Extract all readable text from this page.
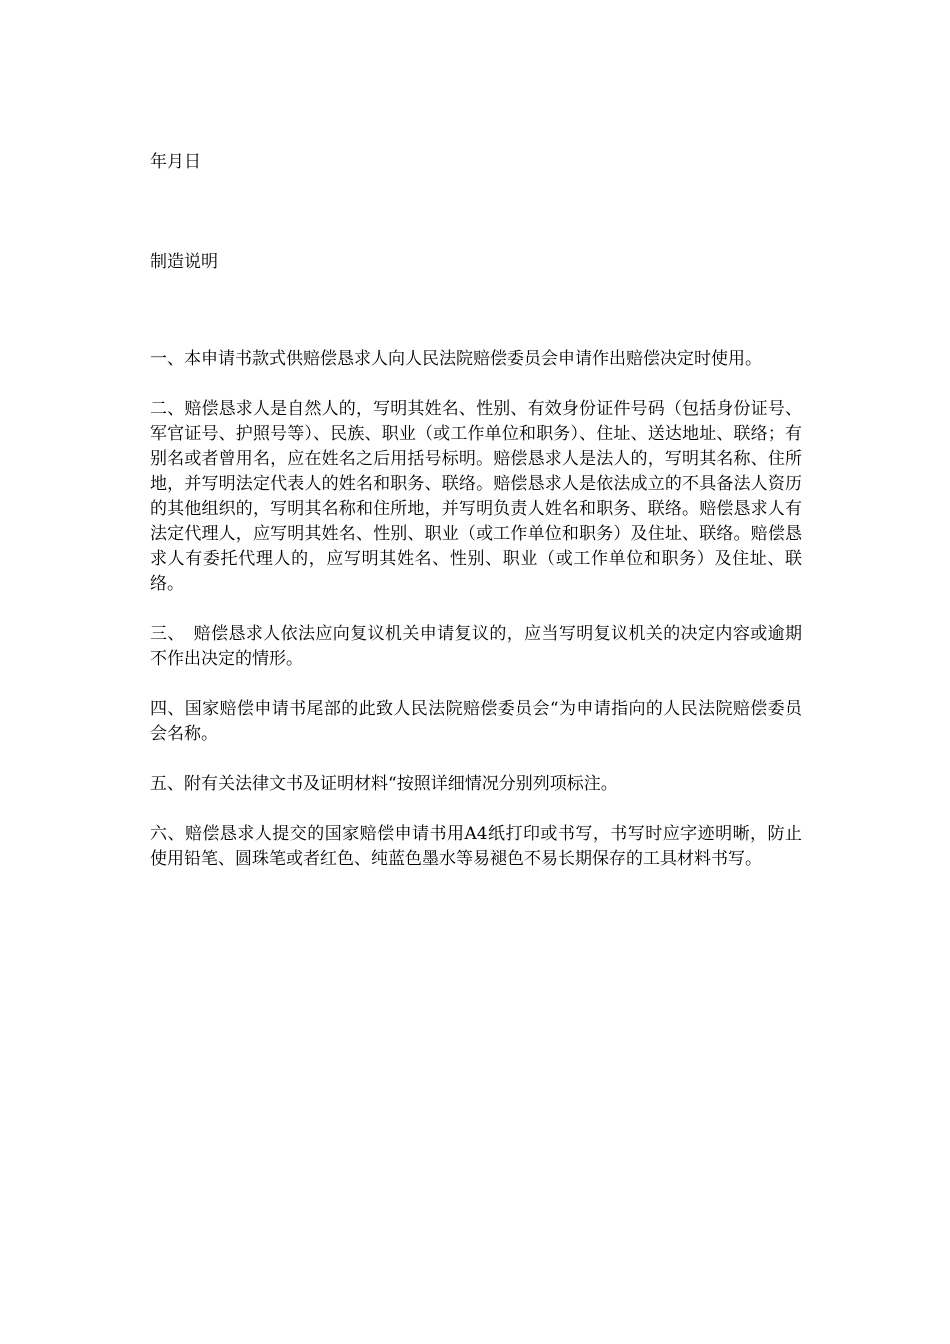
年月日
制造说明

一、本申请书款式供赔偿恳求人向人民法院赔偿委员会申请作出赔偿决定时使用。

二、赔偿恳求人是自然人的，写明其姓名、性别、有效身份证件号码（包括身份证号、军官证号、护照号等）、民族、职业（或工作单位和职务）、住址、送达地址、联络；有别名或者曾用名，应在姓名之后用括号标明。赔偿恳求人是法人的，写明其名称、住所地，并写明法定代表人的姓名和职务、联络。赔偿恳求人是依法成立的不具备法人资历的其他组织的，写明其名称和住所地，并写明负责人姓名和职务、联络。赔偿恳求人有法定代理人，应写明其姓名、性别、职业（或工作单位和职务）及住址、联络。赔偿恳求人有委托代理人的，应写明其姓名、性别、职业（或工作单位和职务）及住址、联络。

三、　赔偿恳求人依法应向复议机关申请复议的，应当写明复议机关的决定内容或逾期不作出决定的情形。

四、国家赔偿申请书尾部的此致人民法院赔偿委员会“为申请指向的人民法院赔偿委员会名称。

五、附有关法律文书及证明材料“按照详细情况分别列项标注。

六、赔偿恳求人提交的国家赔偿申请书用A4纸打印或书写，书写时应字迹明晰，防止使用铅笔、圆珠笔或者红色、纯蓝色墨水等易褪色不易长期保存的工具材料书写。
